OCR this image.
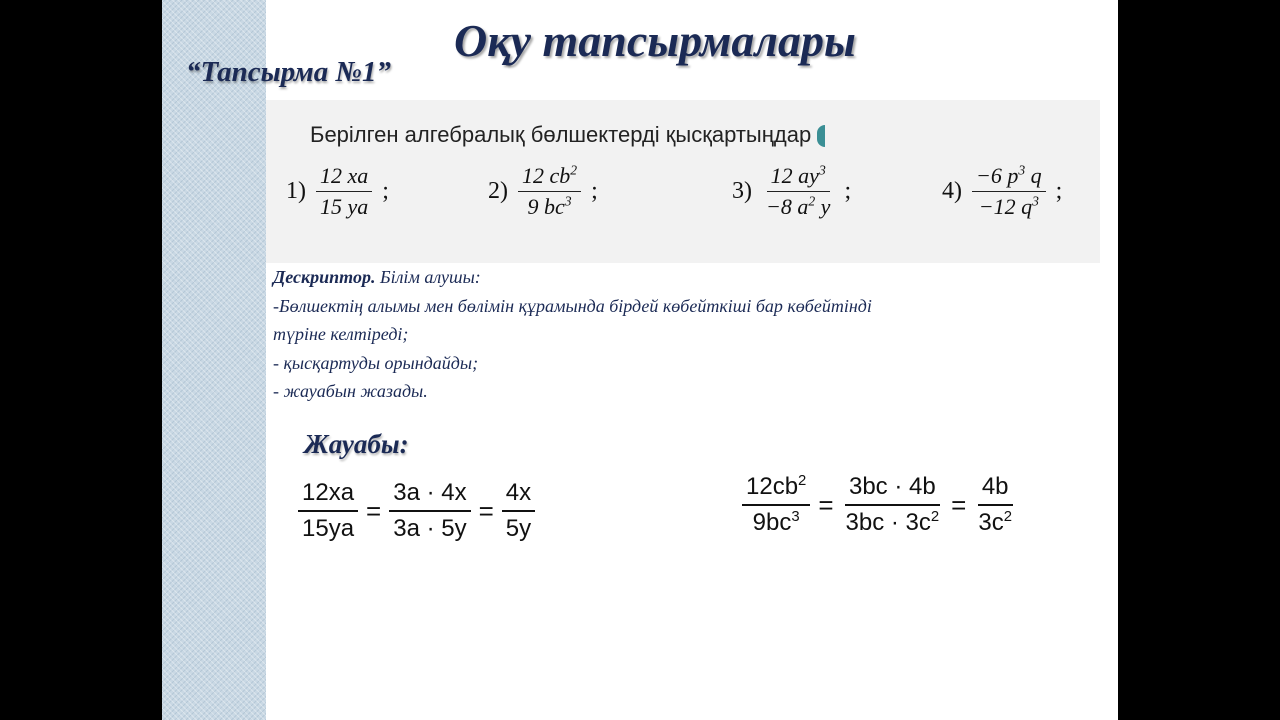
Оқу тапсырмалары
“Тапсырма №1”
Берілген алгебралық бөлшектерді қысқартыңдар
$1) \frac{12 xa}{15 ya}$ ;	$2) \frac{12 cb^2}{9 bc^3}$ ;	$3) \frac{12 ay^3}{-8 a^2 y}$ ;	$4) \frac{-6 p^3 q}{-12 q^3}$ ;
Дескриптор. Білім алушы:
-Бөлшектің алымы мен бөлімін құрамында бірдей көбейткіші бар көбейтінді
түріне келтіреді;
- қысқартуды орындайды;
- жауабын жазады.
Жауабы:
$\frac{12xa}{15ya} = \frac{3a \cdot 4x}{3a \cdot 5y} = \frac{4x}{5y}$	$\frac{12cb^2}{9bc^3} = \frac{3bc \cdot 4b}{3bc \cdot 3c^2} = \frac{4b}{3c^2}$
